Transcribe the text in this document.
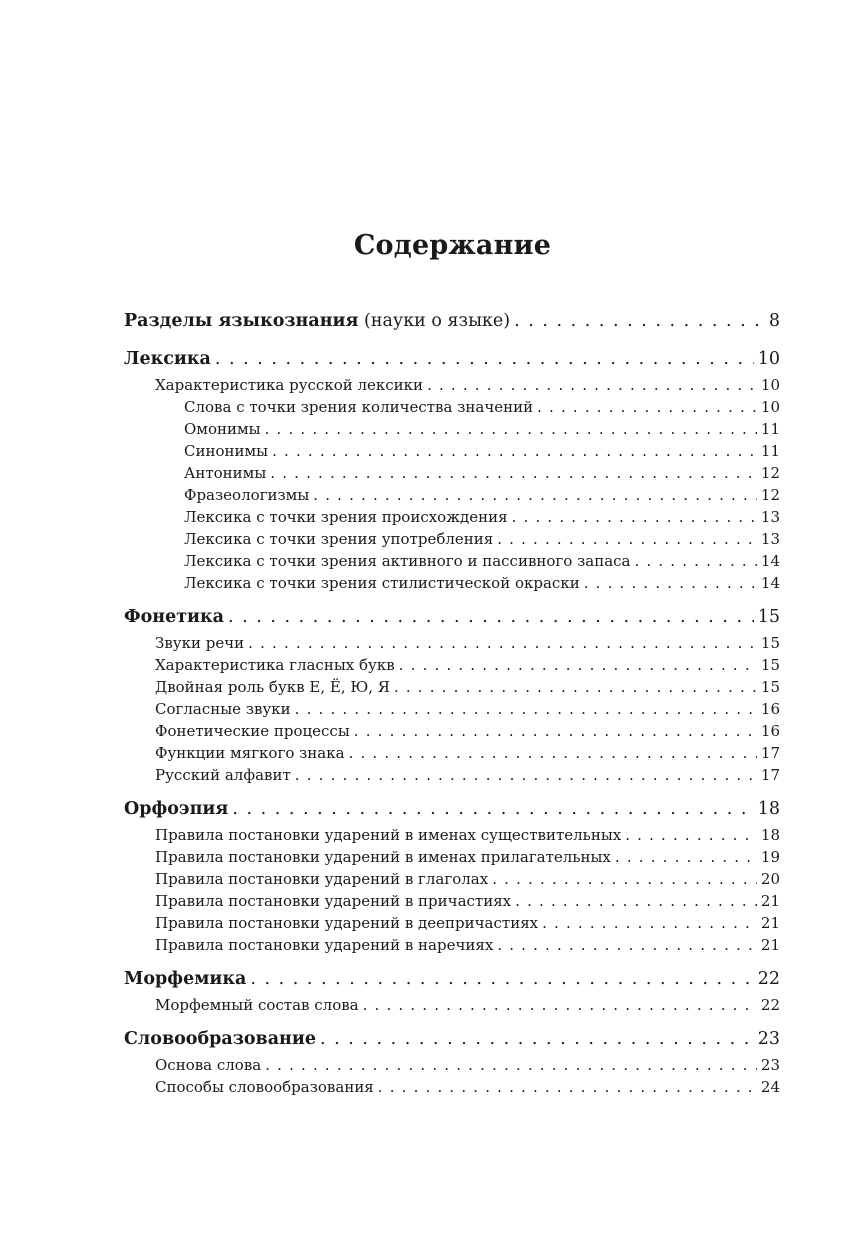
Содержание
Разделы языкознания (науки о языке) . . .	8
Лексика . . .	10
Характеристика русской лексики . . .	10
Слова с точки зрения количества значений . . .	10
Омонимы . . .	11
Синонимы . . .	11
Антонимы . . .	12
Фразеологизмы . . .	12
Лексика с точки зрения происхождения . . .	13
Лексика с точки зрения употребления . . .	13
Лексика с точки зрения активного и пассивного запаса . . .	14
Лексика с точки зрения стилистической окраски . . .	14
Фонетика . . .	15
Звуки речи . . .	15
Характеристика гласных букв . . .	15
Двойная роль букв Е, Ё, Ю, Я . . .	15
Согласные звуки . . .	16
Фонетические процессы . . .	16
Функции мягкого знака . . .	17
Русский алфавит . . .	17
Орфоэпия . . .	18
Правила постановки ударений в именах существительных . . .	18
Правила постановки ударений в именах прилагательных . . .	19
Правила постановки ударений в глаголах . . .	20
Правила постановки ударений в причастиях . . .	21
Правила постановки ударений в деепричастиях . . .	21
Правила постановки ударений в наречиях . . .	21
Морфемика . . .	22
Морфемный состав слова . . .	22
Словообразование . . .	23
Основа слова . . .	23
Способы словообразования . . .	24
